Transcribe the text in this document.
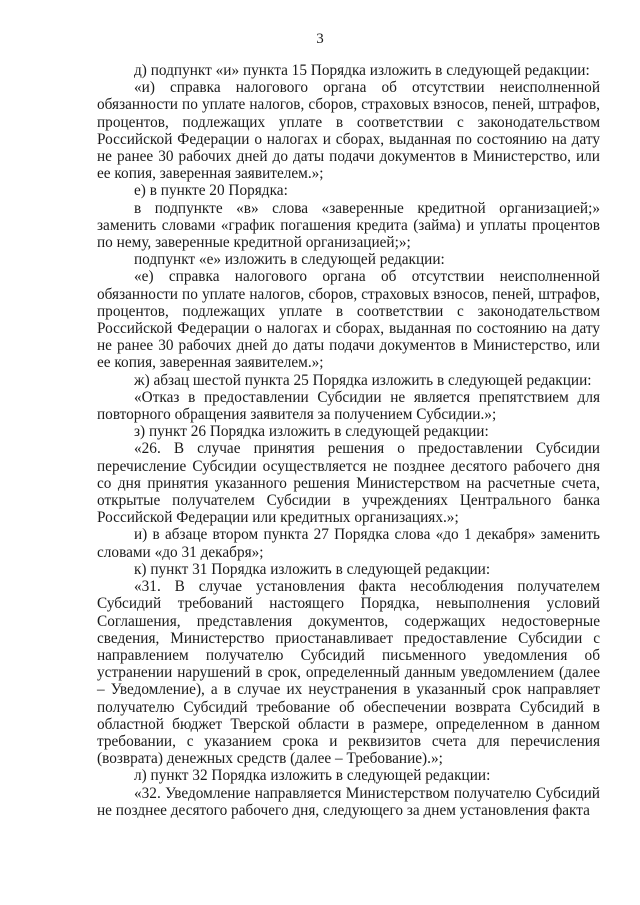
3

д) подпункт «и» пункта 15 Порядка изложить в следующей редакции:

«и) справка налогового органа об отсутствии неисполненной обязанности по уплате налогов, сборов, страховых взносов, пеней, штрафов, процентов, подлежащих уплате в соответствии с законодательством Российской Федерации о налогах и сборах, выданная по состоянию на дату не ранее 30 рабочих дней до даты подачи документов в Министерство, или ее копия, заверенная заявителем.»;

е) в пункте 20 Порядка:

в подпункте «в» слова «заверенные кредитной организацией;» заменить словами «график погашения кредита (займа) и уплаты процентов по нему, заверенные кредитной организацией;»;

подпункт «е» изложить в следующей редакции:

«е) справка налогового органа об отсутствии неисполненной обязанности по уплате налогов, сборов, страховых взносов, пеней, штрафов, процентов, подлежащих уплате в соответствии с законодательством Российской Федерации о налогах и сборах, выданная по состоянию на дату не ранее 30 рабочих дней до даты подачи документов в Министерство, или ее копия, заверенная заявителем.»;

ж) абзац шестой пункта 25 Порядка изложить в следующей редакции:

«Отказ в предоставлении Субсидии не является препятствием для повторного обращения заявителя за получением Субсидии.»;

з) пункт 26 Порядка изложить в следующей редакции:

«26. В случае принятия решения о предоставлении Субсидии перечисление Субсидии осуществляется не позднее десятого рабочего дня со дня принятия указанного решения Министерством на расчетные счета, открытые получателем Субсидии в учреждениях Центрального банка Российской Федерации или кредитных организациях.»;

и) в абзаце втором пункта 27 Порядка слова «до 1 декабря» заменить словами «до 31 декабря»;

к) пункт 31 Порядка изложить в следующей редакции:

«31. В случае установления факта несоблюдения получателем Субсидий требований настоящего Порядка, невыполнения условий Соглашения, представления документов, содержащих недостоверные сведения, Министерство приостанавливает предоставление Субсидии с направлением получателю Субсидий письменного уведомления об устранении нарушений в срок, определенный данным уведомлением (далее – Уведомление), а в случае их неустранения в указанный срок направляет получателю Субсидий требование об обеспечении возврата Субсидий в областной бюджет Тверской области в размере, определенном в данном требовании, с указанием срока и реквизитов счета для перечисления (возврата) денежных средств (далее – Требование).»;

л) пункт 32 Порядка изложить в следующей редакции:

«32. Уведомление направляется Министерством получателю Субсидий не позднее десятого рабочего дня, следующего за днем установления факта
